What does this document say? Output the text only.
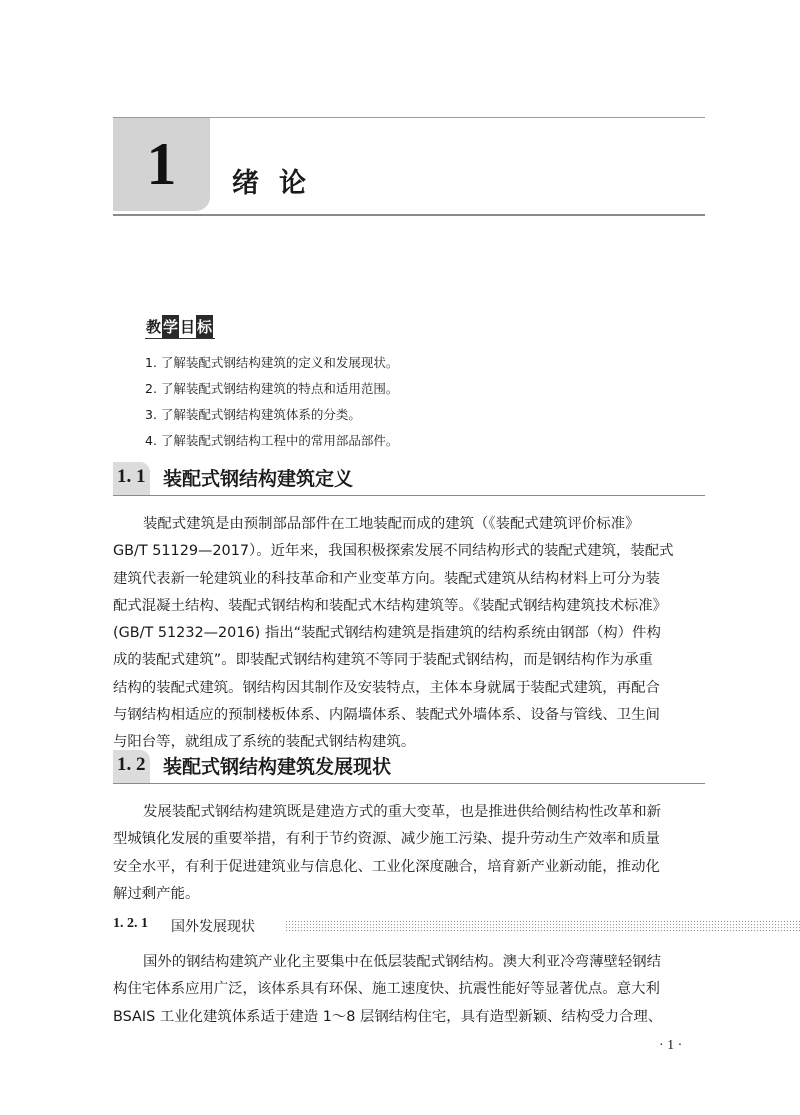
1 绪论
教 学 目 标
1. 了解装配式钢结构建筑的定义和发展现状。
2. 了解装配式钢结构建筑的特点和适用范围。
3. 了解装配式钢结构建筑体系的分类。
4. 了解装配式钢结构工程中的常用部品部件。
1. 1 装配式钢结构建筑定义
装配式建筑是由预制部品部件在工地装配而成的建筑（《装配式建筑评价标准》
GB/T 51129—2017）。近年来，我国积极探索发展不同结构形式的装配式建筑，装配式
建筑代表新一轮建筑业的科技革命和产业变革方向。装配式建筑从结构材料上可分为装
配式混凝土结构、装配式钢结构和装配式木结构建筑等。《装配式钢结构建筑技术标准》
(GB/T 51232—2016) 指出“装配式钢结构建筑是指建筑的结构系统由钢部（构）件构
成的装配式建筑”。即装配式钢结构建筑不等同于装配式钢结构，而是钢结构作为承重
结构的装配式建筑。钢结构因其制作及安装特点，主体本身就属于装配式建筑，再配合
与钢结构相适应的预制楼板体系、内隔墙体系、装配式外墙体系、设备与管线、卫生间
与阳台等，就组成了系统的装配式钢结构建筑。
1. 2 装配式钢结构建筑发展现状
发展装配式钢结构建筑既是建造方式的重大变革，也是推进供给侧结构性改革和新
型城镇化发展的重要举措，有利于节约资源、减少施工污染、提升劳动生产效率和质量
安全水平，有利于促进建筑业与信息化、工业化深度融合，培育新产业新动能，推动化
解过剩产能。
1. 2. 1 国外发展现状
国外的钢结构建筑产业化主要集中在低层装配式钢结构。澳大利亚冷弯薄壁轻钢结
构住宅体系应用广泛，该体系具有环保、施工速度快、抗震性能好等显著优点。意大利
BSAIS 工业化建筑体系适于建造 1～8 层钢结构住宅，具有造型新颖、结构受力合理、
· 1 ·
